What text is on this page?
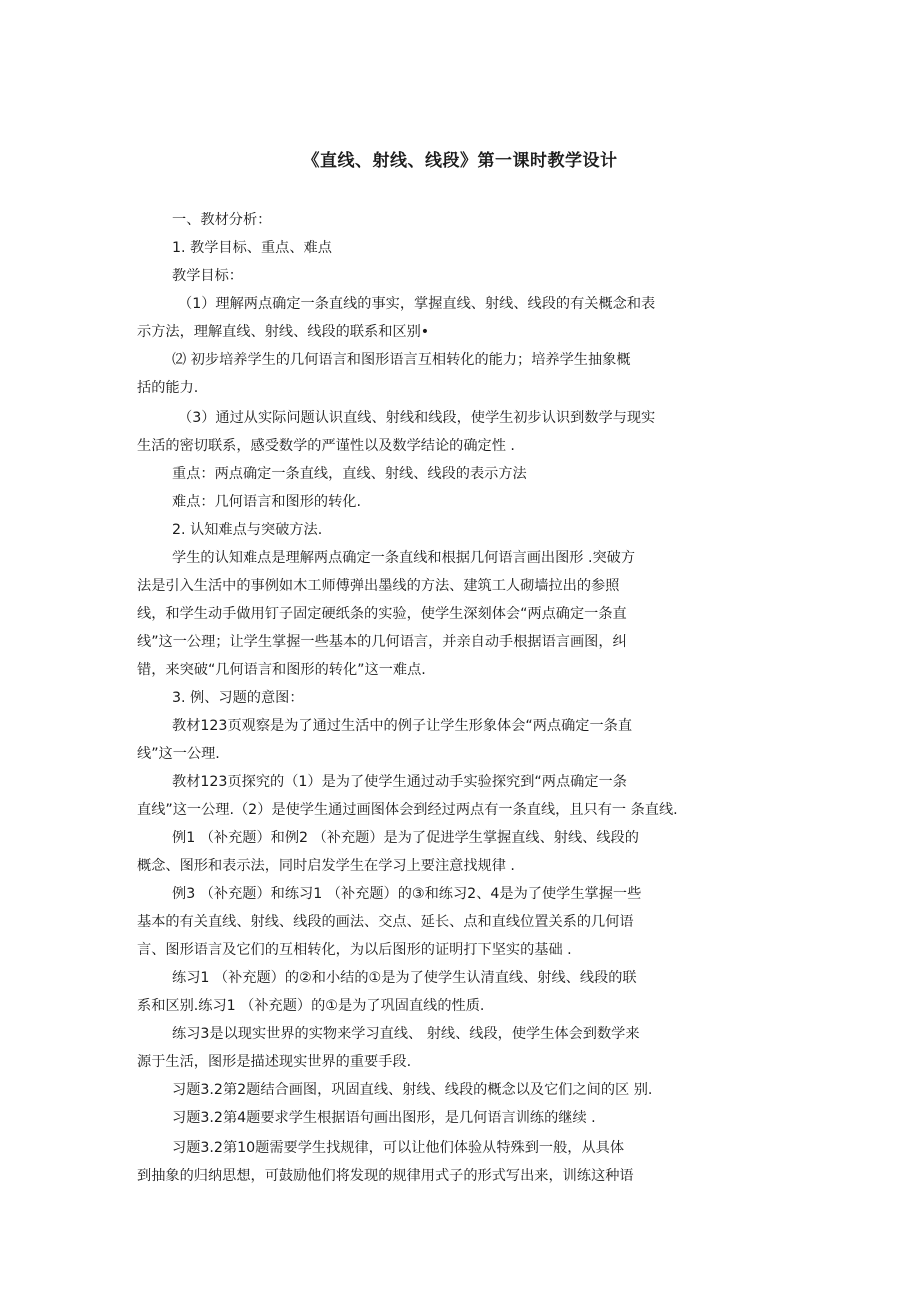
《直线、射线、线段》第一课时教学设计
一、教材分析：
1. 教学目标、重点、难点
教学目标：
（1）理解两点确定一条直线的事实，掌握直线、射线、线段的有关概念和表
示方法，理解直线、射线、线段的联系和区别•
⑵ 初步培养学生的几何语言和图形语言互相转化的能力；培养学生抽象概
括的能力.
（3）通过从实际问题认识直线、射线和线段，使学生初步认识到数学与现实
生活的密切联系，感受数学的严谨性以及数学结论的确定性 .
重点：两点确定一条直线，直线、射线、线段的表示方法
难点：几何语言和图形的转化.
2. 认知难点与突破方法.
学生的认知难点是理解两点确定一条直线和根据几何语言画出图形 .突破方
法是引入生活中的事例如木工师傅弹出墨线的方法、建筑工人砌墙拉出的参照
线，和学生动手做用钉子固定硬纸条的实验，使学生深刻体会“两点确定一条直
线”这一公理；让学生掌握一些基本的几何语言，并亲自动手根据语言画图，纠
错，来突破“几何语言和图形的转化”这一难点.
3. 例、习题的意图：
教材123页观察是为了通过生活中的例子让学生形象体会“两点确定一条直
线”这一公理.
教材123页探究的（1）是为了使学生通过动手实验探究到“两点确定一条
直线”这一公理.（2）是使学生通过画图体会到经过两点有一条直线，且只有一 条直线.
例1 （补充题）和例2 （补充题）是为了促进学生掌握直线、射线、线段的
概念、图形和表示法，同时启发学生在学习上要注意找规律 .
例3 （补充题）和练习1 （补充题）的③和练习2、4是为了使学生掌握一些
基本的有关直线、射线、线段的画法、交点、延长、点和直线位置关系的几何语
言、图形语言及它们的互相转化，为以后图形的证明打下坚实的基础 .
练习1 （补充题）的②和小结的①是为了使学生认清直线、射线、线段的联
系和区别.练习1 （补充题）的①是为了巩固直线的性质.
练习3是以现实世界的实物来学习直线、 射线、线段，使学生体会到数学来
源于生活，图形是描述现实世界的重要手段.
习题3.2第2题结合画图，巩固直线、射线、线段的概念以及它们之间的区 别.
习题3.2第4题要求学生根据语句画出图形，是几何语言训练的继续 .
习题3.2第10题需要学生找规律，可以让他们体验从特殊到一般，从具体
到抽象的归纳思想，可鼓励他们将发现的规律用式子的形式写出来，训练这种语
